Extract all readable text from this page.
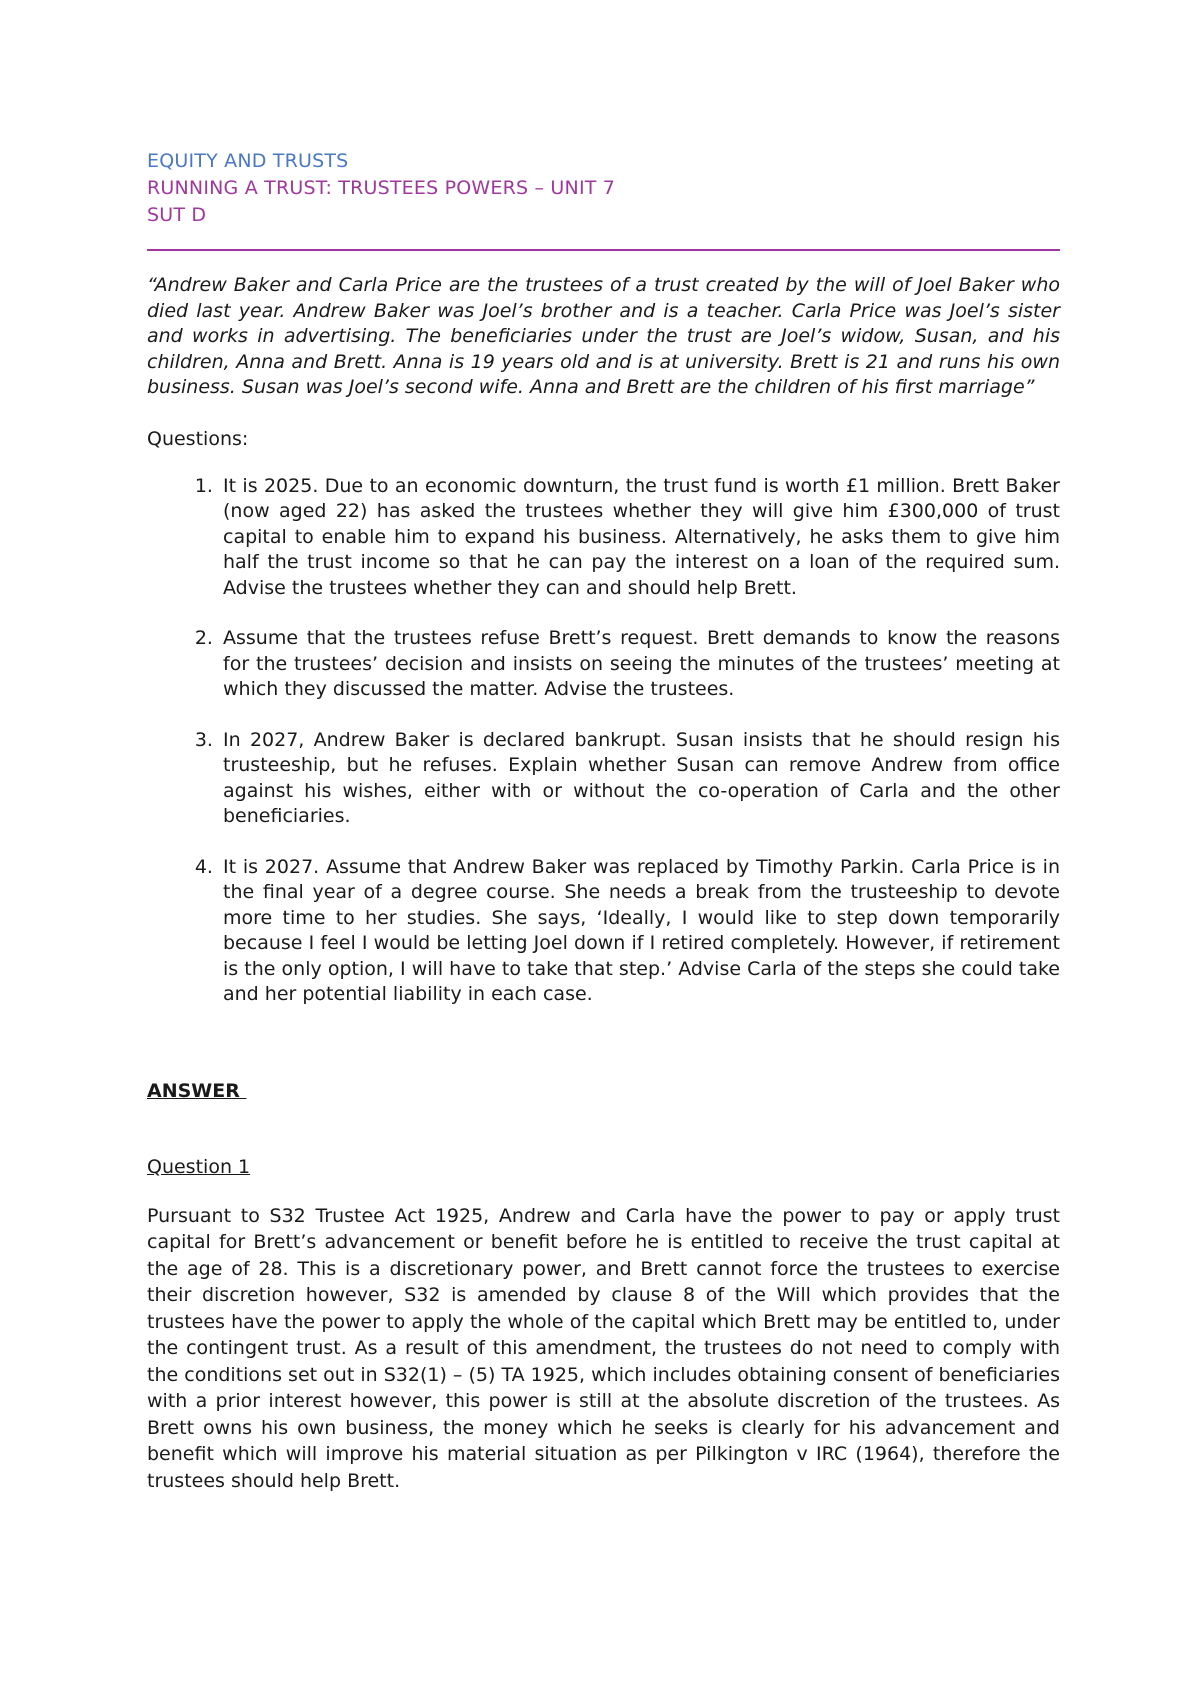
EQUITY AND TRUSTS
RUNNING A TRUST: TRUSTEES POWERS – UNIT 7
SUT D

“Andrew Baker and Carla Price are the trustees of a trust created by the will of Joel Baker who died last year. Andrew Baker was Joel’s brother and is a teacher. Carla Price was Joel’s sister and works in advertising. The beneficiaries under the trust are Joel’s widow, Susan, and his children, Anna and Brett. Anna is 19 years old and is at university. Brett is 21 and runs his own business. Susan was Joel’s second wife. Anna and Brett are the children of his first marriage”

Questions:
1. It is 2025. Due to an economic downturn, the trust fund is worth £1 million. Brett Baker (now aged 22) has asked the trustees whether they will give him £300,000 of trust capital to enable him to expand his business. Alternatively, he asks them to give him half the trust income so that he can pay the interest on a loan of the required sum. Advise the trustees whether they can and should help Brett.
2. Assume that the trustees refuse Brett’s request. Brett demands to know the reasons for the trustees’ decision and insists on seeing the minutes of the trustees’ meeting at which they discussed the matter. Advise the trustees.
3. In 2027, Andrew Baker is declared bankrupt. Susan insists that he should resign his trusteeship, but he refuses. Explain whether Susan can remove Andrew from office against his wishes, either with or without the co-operation of Carla and the other beneficiaries.
4. It is 2027. Assume that Andrew Baker was replaced by Timothy Parkin. Carla Price is in the final year of a degree course. She needs a break from the trusteeship to devote more time to her studies. She says, ‘Ideally, I would like to step down temporarily because I feel I would be letting Joel down if I retired completely. However, if retirement is the only option, I will have to take that step.’ Advise Carla of the steps she could take and her potential liability in each case.
ANSWER
Question 1

Pursuant to S32 Trustee Act 1925, Andrew and Carla have the power to pay or apply trust capital for Brett’s advancement or benefit before he is entitled to receive the trust capital at the age of 28. This is a discretionary power, and Brett cannot force the trustees to exercise their discretion however, S32 is amended by clause 8 of the Will which provides that the trustees have the power to apply the whole of the capital which Brett may be entitled to, under the contingent trust. As a result of this amendment, the trustees do not need to comply with the conditions set out in S32(1) – (5) TA 1925, which includes obtaining consent of beneficiaries with a prior interest however, this power is still at the absolute discretion of the trustees. As Brett owns his own business, the money which he seeks is clearly for his advancement and benefit which will improve his material situation as per Pilkington v IRC (1964), therefore the trustees should help Brett.
